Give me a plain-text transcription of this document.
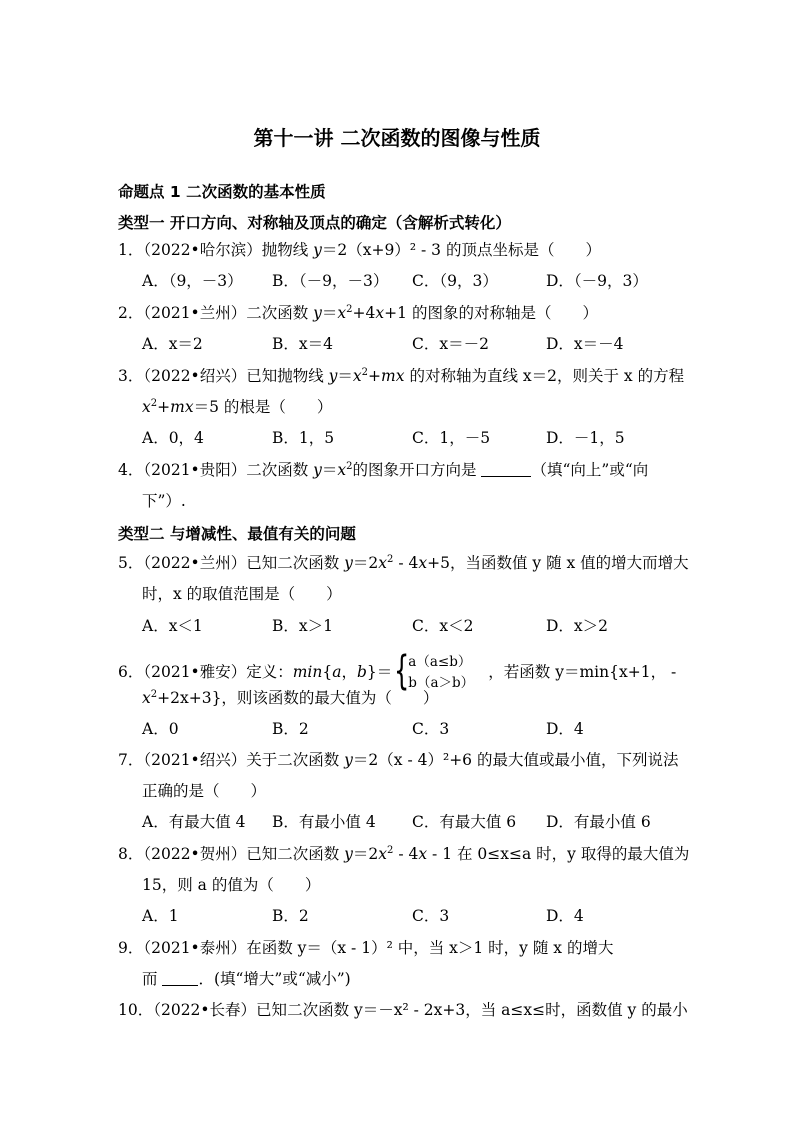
第十一讲 二次函数的图像与性质
命题点 1 二次函数的基本性质
类型一 开口方向、对称轴及顶点的确定（含解析式转化）
1．（2022•哈尔滨）抛物线 y＝2（x+9）² - 3 的顶点坐标是（　　）
A．（9，－3） B．（－9，－3） C．（9，3）	D．（－9，3）
2．（2021•兰州）二次函数 $y=x^2+4x+1$ 的图象的对称轴是（　　）
A．x＝2	B．x＝4	C．x＝－2	D．x＝－4
3．（2022•绍兴）已知抛物线 $y=x^2+mx$ 的对称轴为直线 x＝2，则关于 x 的方程
$x^2+mx=5$ 的根是（　　）
A．0，4	B．1，5	C．1，－5	D．－1，5
4．（2021•贵阳）二次函数 $y=x^2$的图象开口方向是	（填“向上”或“向
下”）.
类型二 与增减性、最值有关的问题
5．（2022•兰州）已知二次函数 $y=2x^2 - 4x+5$，当函数值 y 随 x 值的增大而增大
时，x 的取值范围是（　　）
A．x＜1	B．x＞1	C．x＜2	D．x＞2
6．（2021•雅安）定义：min{a，b}＝ {
a（a≤b）
b（a＞b）
，若函数 y＝min{x+1， -
$x^2+2x+3$}，则该函数的最大值为（　　）
A．0	B．2	C．3	D．4
7．（2021•绍兴）关于二次函数 y＝2（x - 4）²+6 的最大值或最小值，下列说法
正确的是（　　）
A．有最大值 4 B．有最小值 4 C．有最大值 6 D．有最小值 6
8．（2022•贺州）已知二次函数 $y=2x^2 - 4x - 1$ 在 0≤x≤a 时，y 取得的最大值为
15，则 a 的值为（　　）
A．1	B．2	C．3	D．4
9．（2021•泰州）在函数 y＝（x - 1）² 中，当 x＞1 时，y 随 x 的增大
而 ．(填“增大”或“减小”)
10．（2022•长春）已知二次函数 y＝－x² - 2x+3，当 a≤x≤时，函数值 y 的最小
